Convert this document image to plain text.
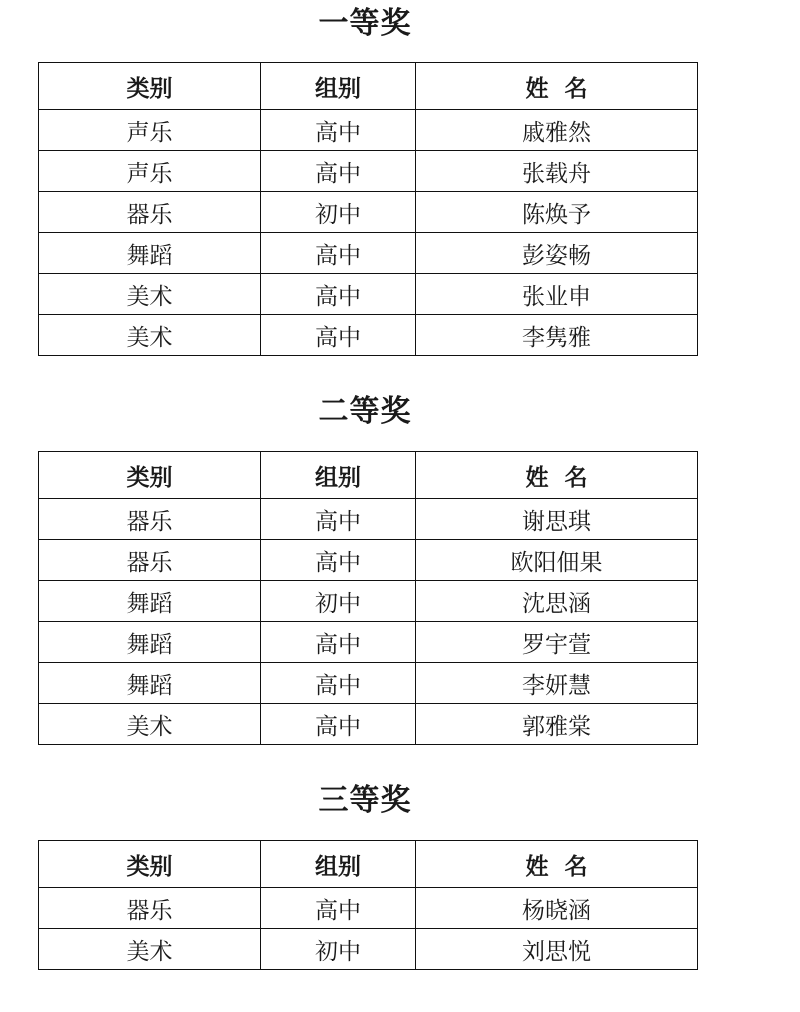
一等奖
类别	组别	姓  名
声乐	高中	戚雅然
声乐	高中	张载舟
器乐	初中	陈焕予
舞蹈	高中	彭姿畅
美术	高中	张业申
美术	高中	李隽雅
二等奖
类别	组别	姓  名
器乐	高中	谢思琪
器乐	高中	欧阳佃果
舞蹈	初中	沈思涵
舞蹈	高中	罗宇萱
舞蹈	高中	李妍慧
美术	高中	郭雅棠
三等奖
类别	组别	姓  名
器乐	高中	杨晓涵
美术	初中	刘思悦
